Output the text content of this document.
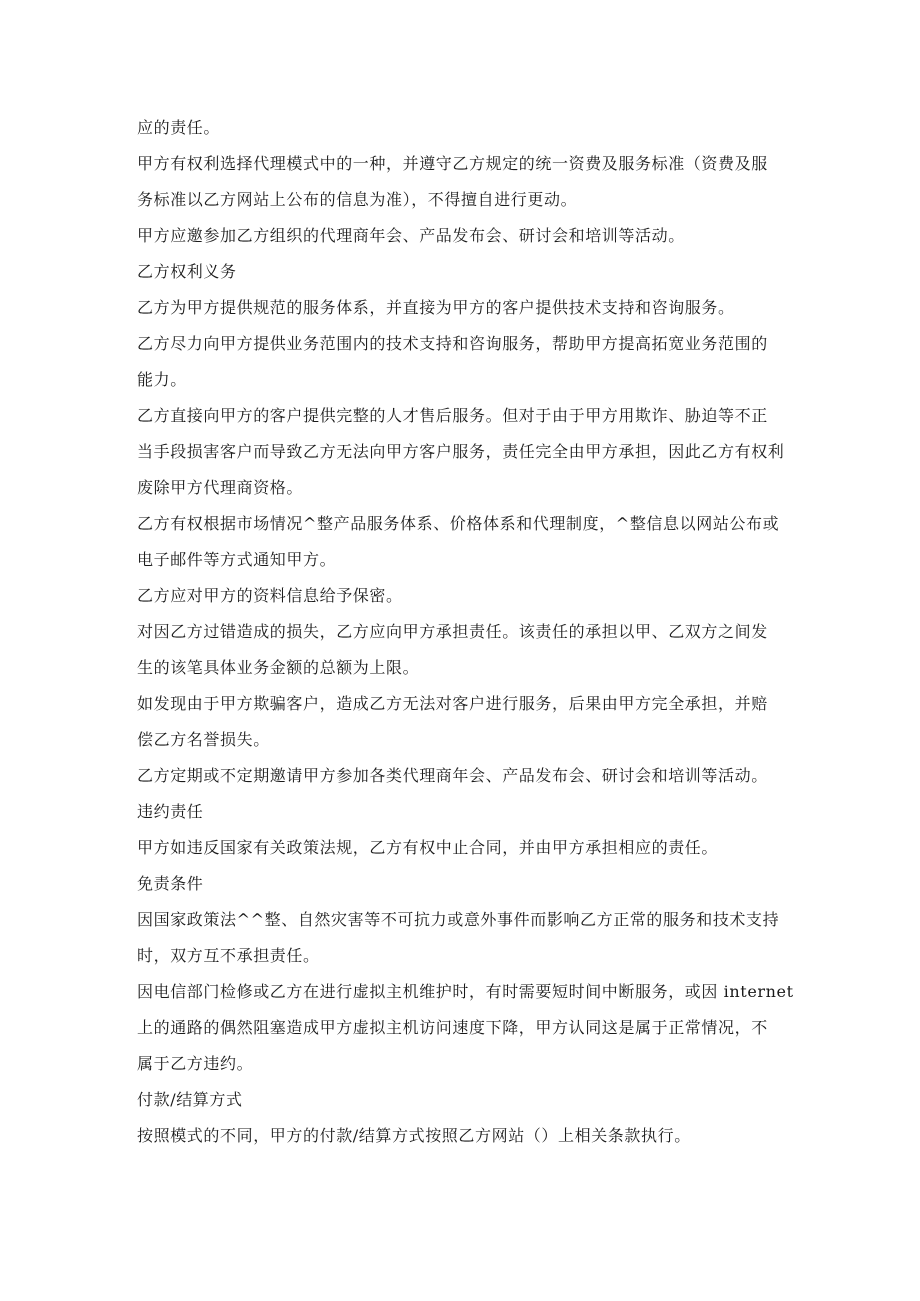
应的责任。

甲方有权利选择代理模式中的一种，并遵守乙方规定的统一资费及服务标准（资费及服

务标准以乙方网站上公布的信息为准），不得擅自进行更动。

甲方应邀参加乙方组织的代理商年会、产品发布会、研讨会和培训等活动。

乙方权利义务

乙方为甲方提供规范的服务体系，并直接为甲方的客户提供技术支持和咨询服务。

乙方尽力向甲方提供业务范围内的技术支持和咨询服务，帮助甲方提高拓宽业务范围的

能力。

乙方直接向甲方的客户提供完整的人才售后服务。但对于由于甲方用欺诈、胁迫等不正

当手段损害客户而导致乙方无法向甲方客户服务，责任完全由甲方承担，因此乙方有权利

废除甲方代理商资格。

乙方有权根据市场情况^整产品服务体系、价格体系和代理制度，^整信息以网站公布或

电子邮件等方式通知甲方。

乙方应对甲方的资料信息给予保密。

对因乙方过错造成的损失，乙方应向甲方承担责任。该责任的承担以甲、乙双方之间发

生的该笔具体业务金额的总额为上限。

如发现由于甲方欺骗客户，造成乙方无法对客户进行服务，后果由甲方完全承担，并赔

偿乙方名誉损失。

乙方定期或不定期邀请甲方参加各类代理商年会、产品发布会、研讨会和培训等活动。

违约责任

甲方如违反国家有关政策法规，乙方有权中止合同，并由甲方承担相应的责任。

免责条件

因国家政策法^^整、自然灾害等不可抗力或意外事件而影响乙方正常的服务和技术支持

时，双方互不承担责任。

因电信部门检修或乙方在进行虚拟主机维护时，有时需要短时间中断服务，或因 internet

上的通路的偶然阻塞造成甲方虚拟主机访问速度下降，甲方认同这是属于正常情况，不

属于乙方违约。

付款/结算方式

按照模式的不同，甲方的付款/结算方式按照乙方网站（）上相关条款执行。
